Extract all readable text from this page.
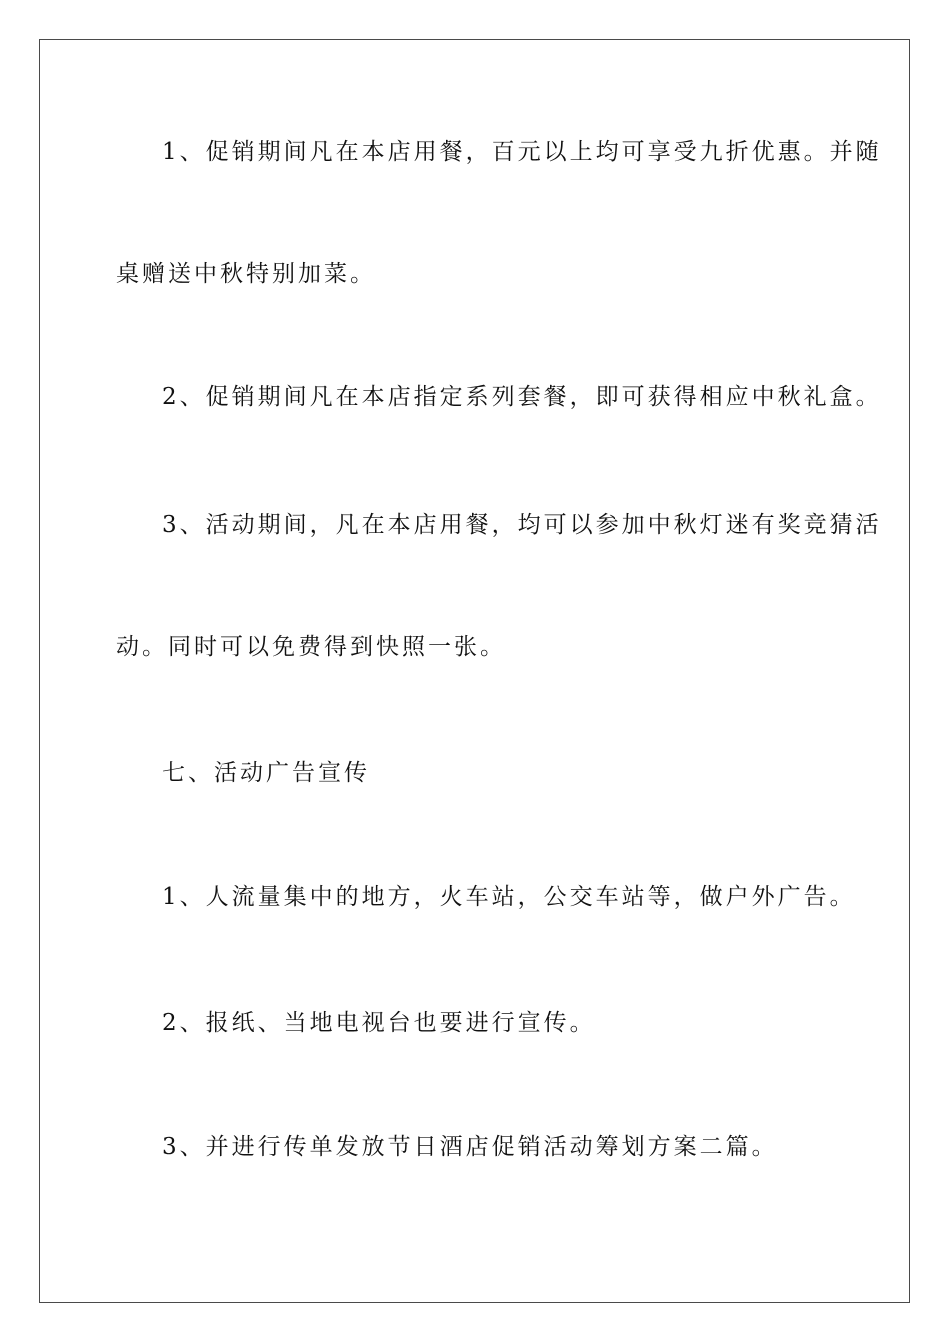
1、促销期间凡在本店用餐，百元以上均可享受九折优惠。并随

桌赠送中秋特别加菜。

2、促销期间凡在本店指定系列套餐，即可获得相应中秋礼盒。

3、活动期间，凡在本店用餐，均可以参加中秋灯迷有奖竞猜活

动。同时可以免费得到快照一张。

七、活动广告宣传

1、人流量集中的地方，火车站，公交车站等，做户外广告。

2、报纸、当地电视台也要进行宣传。

3、并进行传单发放节日酒店促销活动筹划方案二篇。
